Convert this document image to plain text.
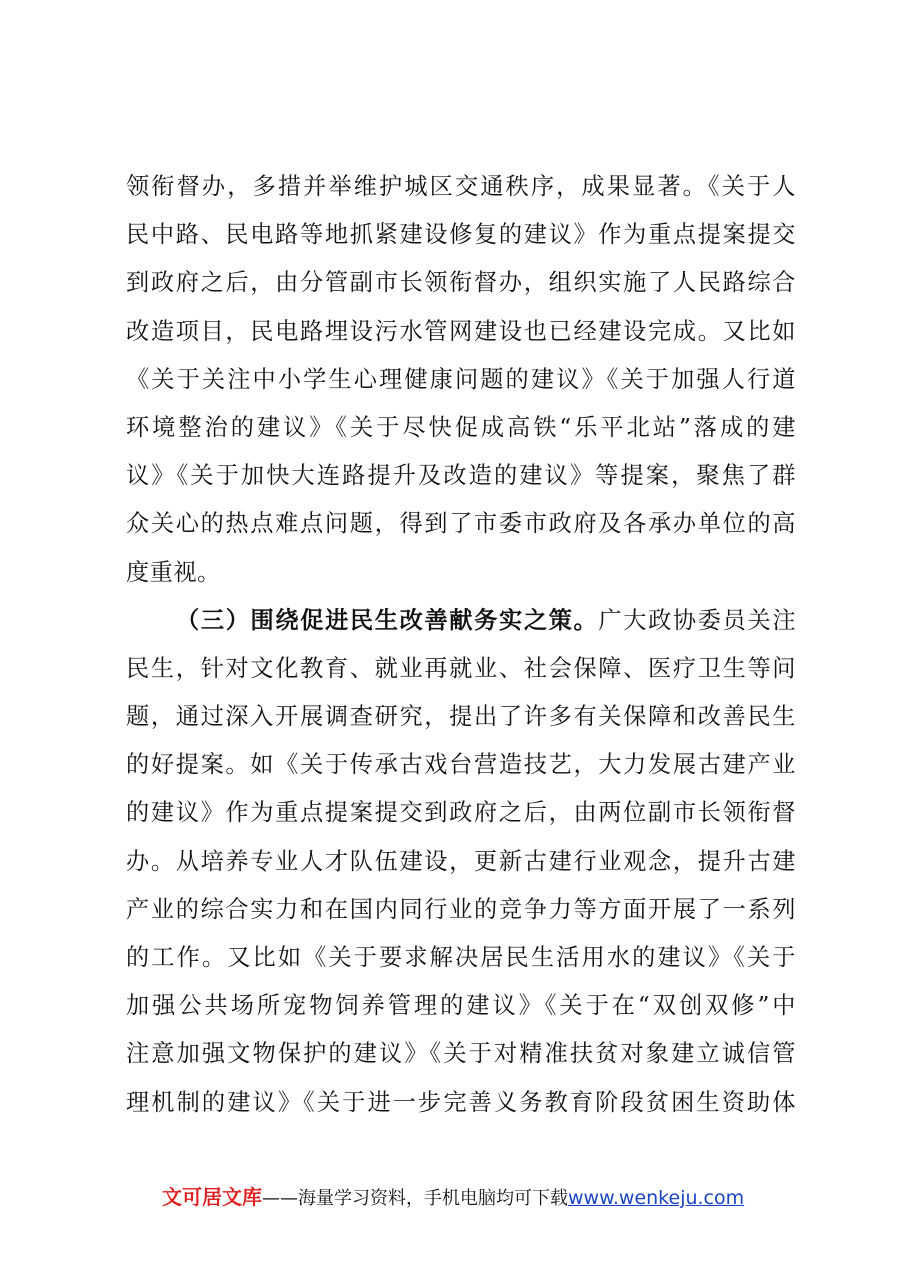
领衔督办，多措并举维护城区交通秩序，成果显著。《关于人
民中路、民电路等地抓紧建设修复的建议》作为重点提案提交
到政府之后，由分管副市长领衔督办，组织实施了人民路综合
改造项目，民电路埋设污水管网建设也已经建设完成。又比如
《关于关注中小学生心理健康问题的建议》《关于加强人行道
环境整治的建议》《关于尽快促成高铁“乐平北站”落成的建
议》《关于加快大连路提升及改造的建议》等提案，聚焦了群
众关心的热点难点问题，得到了市委市政府及各承办单位的高
度重视。
（三）围绕促进民生改善献务实之策。广大政协委员关注
民生，针对文化教育、就业再就业、社会保障、医疗卫生等问
题，通过深入开展调查研究，提出了许多有关保障和改善民生
的好提案。如《关于传承古戏台营造技艺，大力发展古建产业
的建议》作为重点提案提交到政府之后，由两位副市长领衔督
办。从培养专业人才队伍建设，更新古建行业观念，提升古建
产业的综合实力和在国内同行业的竞争力等方面开展了一系列
的工作。又比如《关于要求解决居民生活用水的建议》《关于
加强公共场所宠物饲养管理的建议》《关于在“双创双修”中
注意加强文物保护的建议》《关于对精准扶贫对象建立诚信管
理机制的建议》《关于进一步完善义务教育阶段贫困生资助体
文可居文库——海量学习资料，手机电脑均可下载www.wenkeju.com
